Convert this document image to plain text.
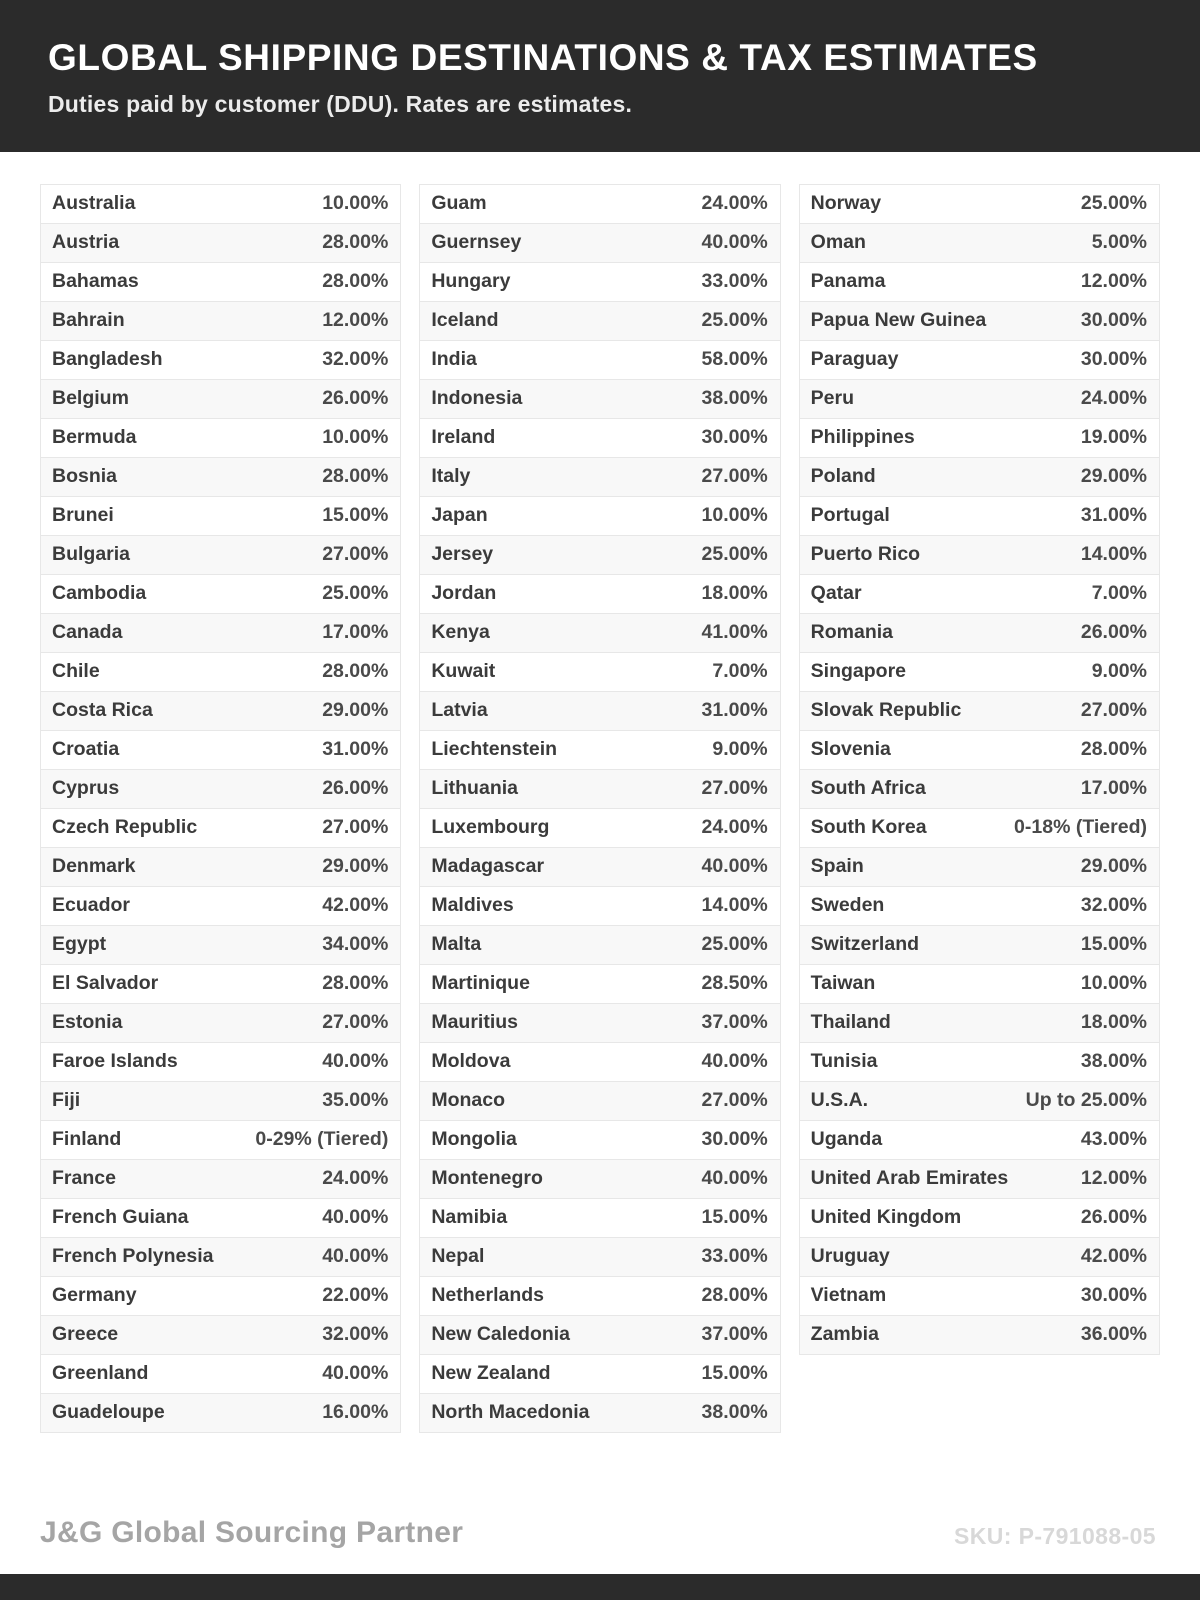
GLOBAL SHIPPING DESTINATIONS & TAX ESTIMATES

Duties paid by customer (DDU). Rates are estimates.

Australia	10.00%
Austria	28.00%
Bahamas	28.00%
Bahrain	12.00%
Bangladesh	32.00%
Belgium	26.00%
Bermuda	10.00%
Bosnia	28.00%
Brunei	15.00%
Bulgaria	27.00%
Cambodia	25.00%
Canada	17.00%
Chile	28.00%
Costa Rica	29.00%
Croatia	31.00%
Cyprus	26.00%
Czech Republic	27.00%
Denmark	29.00%
Ecuador	42.00%
Egypt	34.00%
El Salvador	28.00%
Estonia	27.00%
Faroe Islands	40.00%
Fiji	35.00%
Finland	0-29% (Tiered)
France	24.00%
French Guiana	40.00%
French Polynesia	40.00%
Germany	22.00%
Greece	32.00%
Greenland	40.00%
Guadeloupe	16.00%
Guam	24.00%
Guernsey	40.00%
Hungary	33.00%
Iceland	25.00%
India	58.00%
Indonesia	38.00%
Ireland	30.00%
Italy	27.00%
Japan	10.00%
Jersey	25.00%
Jordan	18.00%
Kenya	41.00%
Kuwait	7.00%
Latvia	31.00%
Liechtenstein	9.00%
Lithuania	27.00%
Luxembourg	24.00%
Madagascar	40.00%
Maldives	14.00%
Malta	25.00%
Martinique	28.50%
Mauritius	37.00%
Moldova	40.00%
Monaco	27.00%
Mongolia	30.00%
Montenegro	40.00%
Namibia	15.00%
Nepal	33.00%
Netherlands	28.00%
New Caledonia	37.00%
New Zealand	15.00%
North Macedonia	38.00%
Norway	25.00%
Oman	5.00%
Panama	12.00%
Papua New Guinea	30.00%
Paraguay	30.00%
Peru	24.00%
Philippines	19.00%
Poland	29.00%
Portugal	31.00%
Puerto Rico	14.00%
Qatar	7.00%
Romania	26.00%
Singapore	9.00%
Slovak Republic	27.00%
Slovenia	28.00%
South Africa	17.00%
South Korea	0-18% (Tiered)
Spain	29.00%
Sweden	32.00%
Switzerland	15.00%
Taiwan	10.00%
Thailand	18.00%
Tunisia	38.00%
U.S.A.	Up to 25.00%
Uganda	43.00%
United Arab Emirates	12.00%
United Kingdom	26.00%
Uruguay	42.00%
Vietnam	30.00%
Zambia	36.00%
J&G Global Sourcing Partner	SKU: P-791088-05
